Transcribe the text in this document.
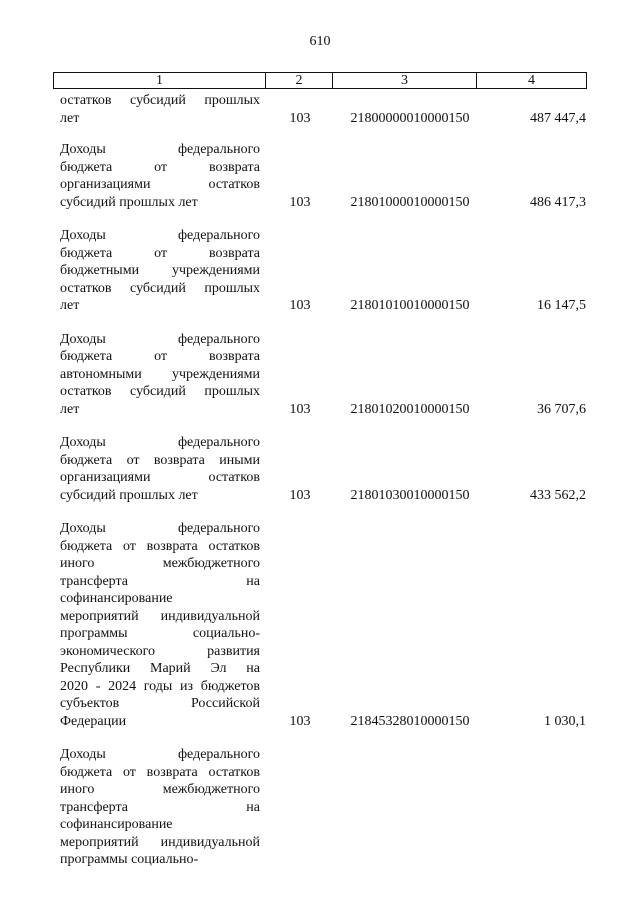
610
1	2	3	4
остатков субсидий прошлых
лет	103	21800000010000150	487 447,4
Доходы федерального
бюджета от возврата
организациями остатков
субсидий прошлых лет	103	21801000010000150	486 417,3
Доходы федерального
бюджета от возврата
бюджетными учреждениями
остатков субсидий прошлых
лет	103	21801010010000150	16 147,5
Доходы федерального
бюджета от возврата
автономными учреждениями
остатков субсидий прошлых
лет	103	21801020010000150	36 707,6
Доходы федерального
бюджета от возврата иными
организациями остатков
субсидий прошлых лет	103	21801030010000150	433 562,2
Доходы федерального
бюджета от возврата остатков
иного межбюджетного
трансферта на
софинансирование
мероприятий индивидуальной
программы социально-
экономического развития
Республики Марий Эл на
2020 - 2024 годы из бюджетов
субъектов Российской
Федерации	103	21845328010000150	1 030,1
Доходы федерального
бюджета от возврата остатков
иного межбюджетного
трансферта на
софинансирование
мероприятий индивидуальной
программы социально-
